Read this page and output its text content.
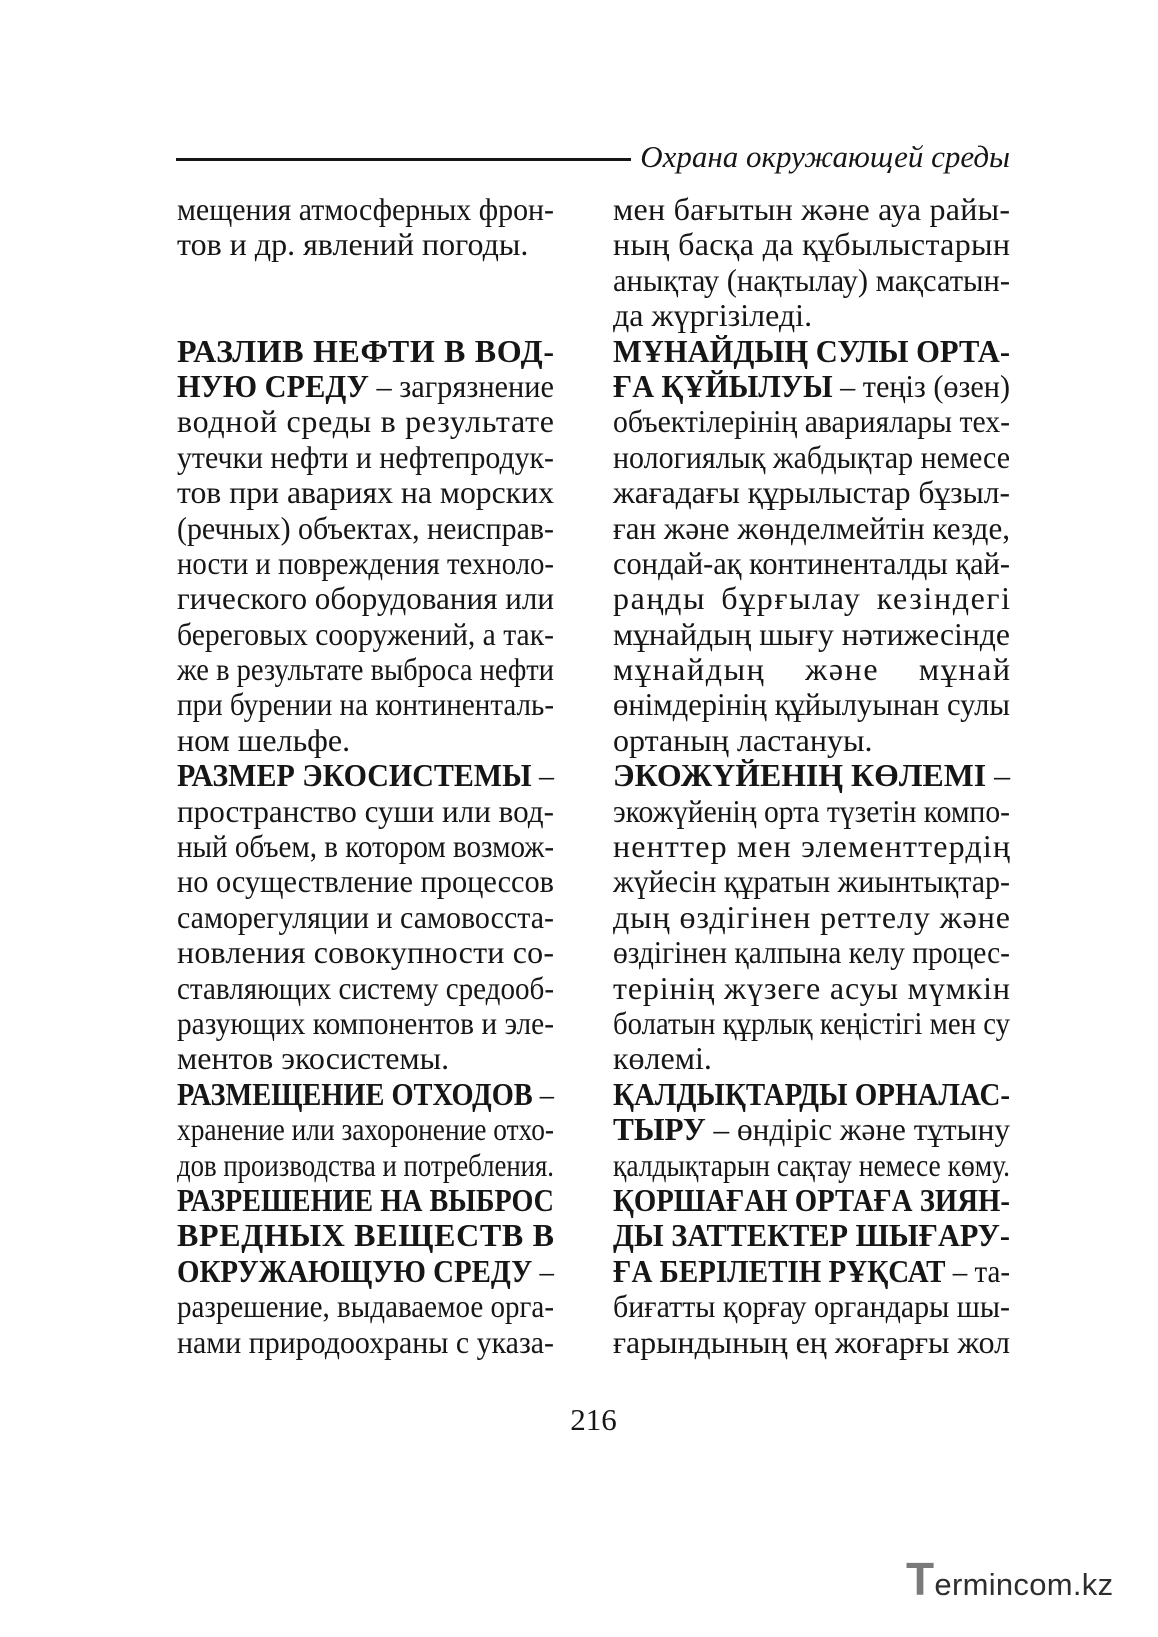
Охрана окружающей среды
мещения атмосферных фрон-
тов и др. явлений погоды.
РАЗЛИВ НЕФТИ В ВОД-
НУЮ СРЕДУ – загрязнение
водной среды в результате
утечки нефти и нефтепродук-
тов при авариях на морских
(речных) объектах, неисправ-
ности и повреждения техноло-
гического оборудования или
береговых сооружений, а так-
же в результате выброса нефти
при бурении на континенталь-
ном шельфе.
РАЗМЕР ЭКОСИСТЕМЫ –
пространство суши или вод-
ный объем, в котором возмож-
но осуществление процессов
саморегуляции и самовосста-
новления совокупности со-
ставляющих систему средооб-
разующих компонентов и эле-
ментов экосистемы.
РАЗМЕЩЕНИЕ ОТХОДОВ –
хранение или захоронение отхо-
дов производства и потребления.
РАЗРЕШЕНИЕ НА ВЫБРОС
ВРЕДНЫХ ВЕЩЕСТВ В
ОКРУЖАЮЩУЮ СРЕДУ –
разрешение, выдаваемое орга-
нами природоохраны с указа-
мен бағытын және ауа райы-
ның басқа да құбылыстарын
анықтау (нақтылау) мақсатын-
да жүргізіледі.
МҰНАЙДЫҢ СУЛЫ ОРТА-
ҒА ҚҰЙЫЛУЫ – теңіз (өзен)
объектілерінің авариялары тех-
нологиялық жабдықтар немесе
жағадағы құрылыстар бұзыл-
ған және жөнделмейтін кезде,
сондай-ақ континенталды қай-
раңды бұрғылау кезіндегі
мұнайдың шығу нәтижесінде
мұнайдың және мұнай
өнімдерінің құйылуынан сулы
ортаның ластануы.
ЭКОЖҮЙЕНІҢ КӨЛЕМІ –
экожүйенің орта түзетін компо-
ненттер мен элементтердің
жүйесін құратын жиынтықтар-
дың өздігінен реттелу және
өздігінен қалпына келу процес-
терінің жүзеге асуы мүмкін
болатын құрлық кеңістігі мен су
көлемі.
ҚАЛДЫҚТАРДЫ ОРНАЛАС-
ТЫРУ – өндіріс және тұтыну
қалдықтарын сақтау немесе көму.
ҚОРШАҒАН ОРТАҒА ЗИЯН-
ДЫ ЗАТТЕКТЕР ШЫҒАРУ-
ҒА БЕРІЛЕТІН РҰҚСАТ – та-
биғатты қорғау органдары шы-
ғарындының ең жоғарғы жол
216
Termincom.kz
